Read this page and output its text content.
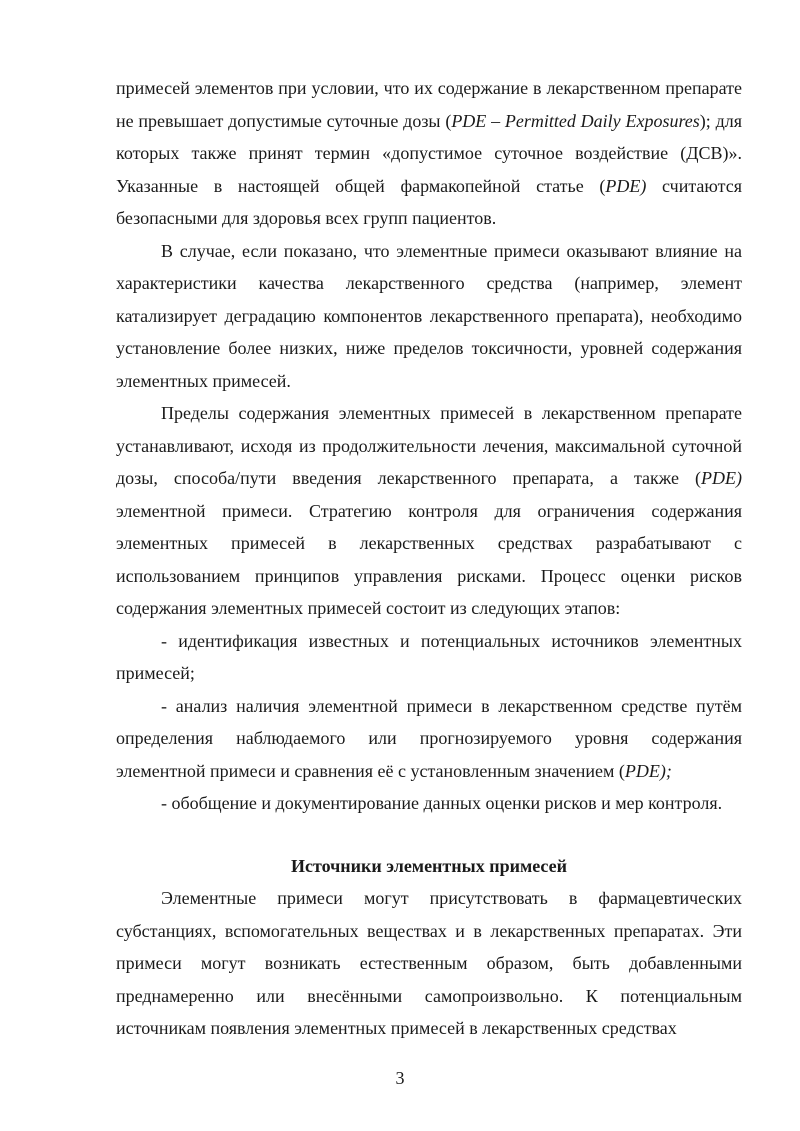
примесей элементов при условии, что их содержание в лекарственном препарате не превышает допустимые суточные дозы (PDE – Permitted Daily Exposures); для которых также принят термин «допустимое суточное воздействие (ДСВ)». Указанные в настоящей общей фармакопейной статье (PDE) считаются безопасными для здоровья всех групп пациентов.

В случае, если показано, что элементные примеси оказывают влияние на характеристики качества лекарственного средства (например, элемент катализирует деградацию компонентов лекарственного препарата), необходимо установление более низких, ниже пределов токсичности, уровней содержания элементных примесей.

Пределы содержания элементных примесей в лекарственном препарате устанавливают, исходя из продолжительности лечения, максимальной суточной дозы, способа/пути введения лекарственного препарата, а также (PDE) элементной примеси. Стратегию контроля для ограничения содержания элементных примесей в лекарственных средствах разрабатывают с использованием принципов управления рисками. Процесс оценки рисков содержания элементных примесей состоит из следующих этапов:

- идентификация известных и потенциальных источников элементных примесей;

- анализ наличия элементной примеси в лекарственном средстве путём определения наблюдаемого или прогнозируемого уровня содержания элементной примеси и сравнения её с установленным значением (PDE);

- обобщение и документирование данных оценки рисков и мер контроля.

Источники элементных примесей

Элементные примеси могут присутствовать в фармацевтических субстанциях, вспомогательных веществах и в лекарственных препаратах. Эти примеси могут возникать естественным образом, быть добавленными преднамеренно или внесёнными самопроизвольно. К потенциальным источникам появления элементных примесей в лекарственных средствах

3
